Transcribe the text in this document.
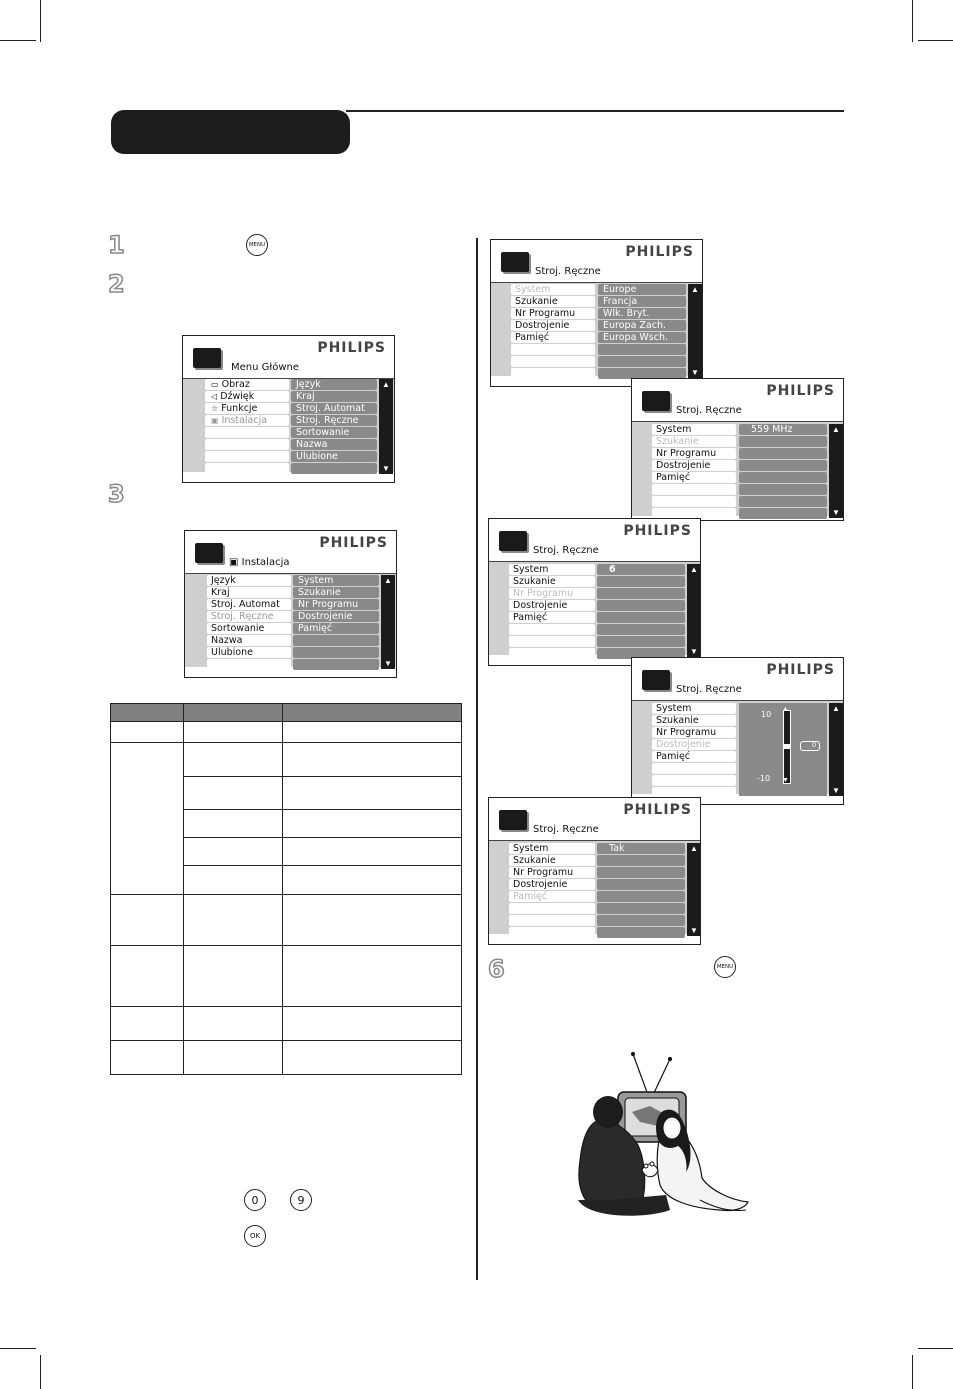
1	MENU
2
PHILIPS
Menu Główne
▭ Obraz
◁ Dźwięk
☆ Funkcje
▣ Instalacja
Język
Kraj
Stroj. Automat
Stroj. Ręczne
Sortowanie
Nazwa
Ulubione
▲
▼
3
PHILIPS
▣ Instalacja
Język
Kraj
Stroj. Automat
Stroj. Ręczne
Sortowanie
Nazwa
Ulubione
System
Szukanie
Nr Programu
Dostrojenie
Pamięć
▲
▼

0	9
OK
PHILIPS
Stroj. Ręczne
System
Szukanie
Nr Programu
Dostrojenie
Pamięć
Europe
Francja
Wlk. Bryt.
Europa Zach.
Europa Wsch.
▲
▼
PHILIPS
Stroj. Ręczne
System
Szukanie
Nr Programu
Dostrojenie
Pamięć
559 MHz	▲
▼
PHILIPS
Stroj. Ręczne
System
Szukanie
Nr Programu
Dostrojenie
Pamięć
6	▲
▼
PHILIPS
Stroj. Ręczne
System
Szukanie
Nr Programu
Dostrojenie
Pamięć
10
-10
▲
▼
0
▲
▼
PHILIPS
Stroj. Ręczne
System
Szukanie
Nr Programu
Dostrojenie
Pamięć
Tak	▲
▼
6	MENU
